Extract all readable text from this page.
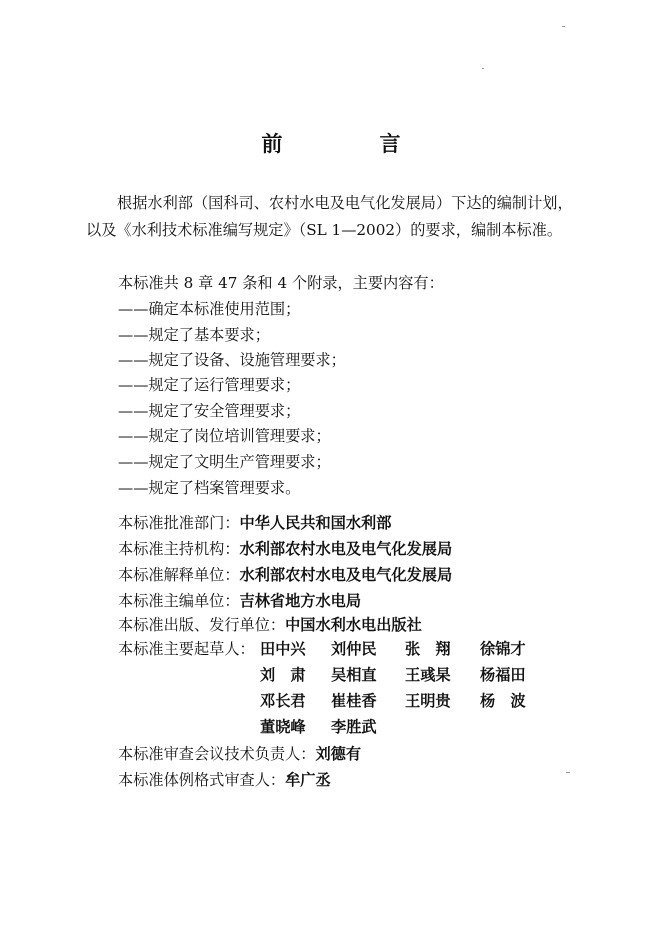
前　言
根据水利部（国科司、农村水电及电气化发展局）下达的编制计划，以及《水利技术标准编写规定》（SL 1—2002）的要求，编制本标准。
本标准共 8 章 47 条和 4 个附录，主要内容有：
——确定本标准使用范围；
——规定了基本要求；
——规定了设备、设施管理要求；
——规定了运行管理要求；
——规定了安全管理要求；
——规定了岗位培训管理要求；
——规定了文明生产管理要求；
——规定了档案管理要求。
本标准批准部门：中华人民共和国水利部
本标准主持机构：水利部农村水电及电气化发展局
本标准解释单位：水利部农村水电及电气化发展局
本标准主编单位：吉林省地方水电局
本标准出版、发行单位：中国水利水电出版社
本标准主要起草人： 田中兴 刘仲民 张　翔 徐锦才
刘　肃 吴相直 王彧杲 杨福田
邓长君 崔桂香 王明贵 杨　波
董晓峰 李胜武
本标准审查会议技术负责人：刘德有
本标准体例格式审查人：牟广丞
